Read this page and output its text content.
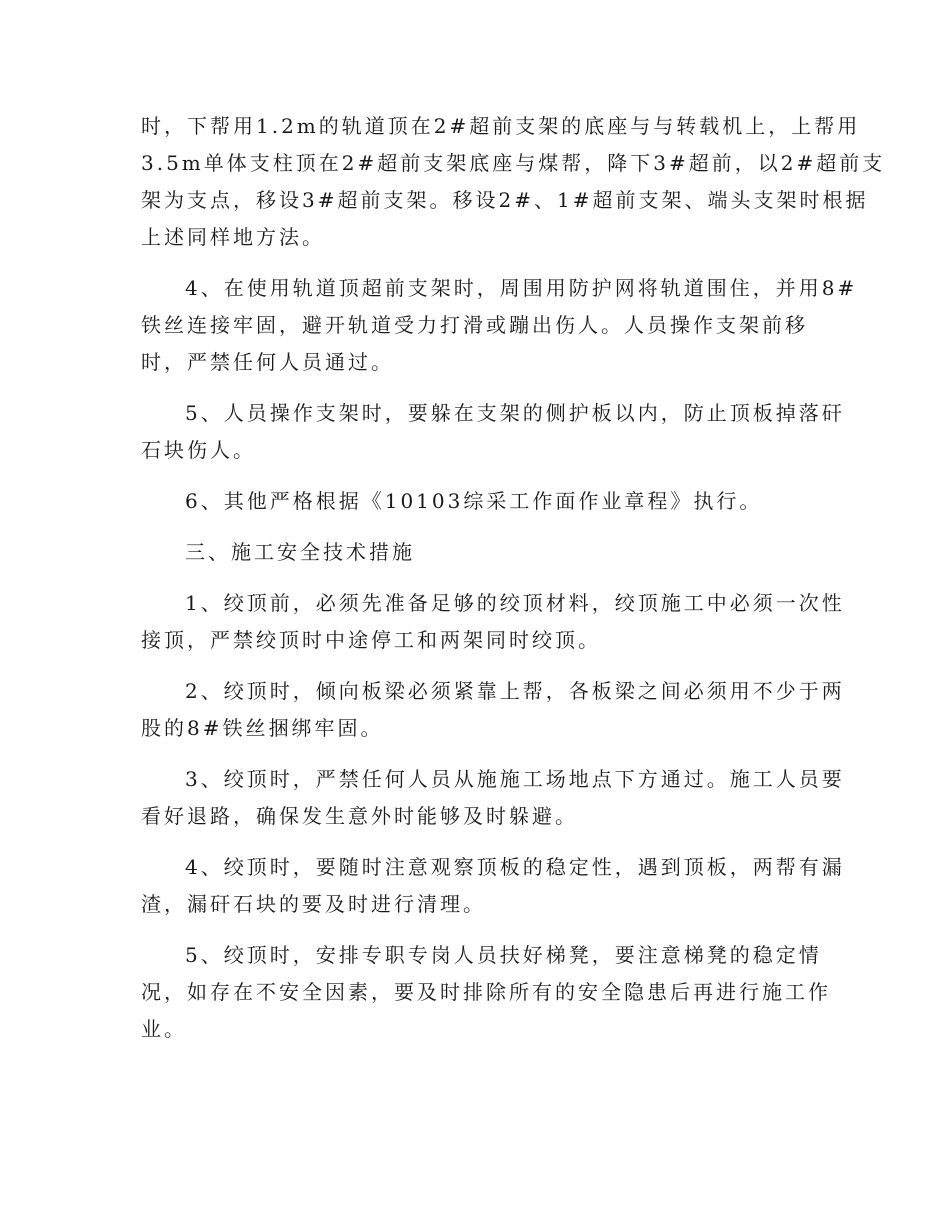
时，下帮用1.2m的轨道顶在2#超前支架的底座与与转载机上，上帮用
3.5m单体支柱顶在2#超前支架底座与煤帮，降下3#超前，以2#超前支
架为支点，移设3#超前支架。移设2#、1#超前支架、端头支架时根据
上述同样地方法。
4、在使用轨道顶超前支架时，周围用防护网将轨道围住，并用8#
铁丝连接牢固，避开轨道受力打滑或蹦出伤人。人员操作支架前移
时，严禁任何人员通过。
5、人员操作支架时，要躲在支架的侧护板以内，防止顶板掉落矸
石块伤人。
6、其他严格根据《10103综采工作面作业章程》执行。
三、施工安全技术措施
1、绞顶前，必须先准备足够的绞顶材料，绞顶施工中必须一次性
接顶，严禁绞顶时中途停工和两架同时绞顶。
2、绞顶时，倾向板梁必须紧靠上帮，各板梁之间必须用不少于两
股的8#铁丝捆绑牢固。
3、绞顶时，严禁任何人员从施施工场地点下方通过。施工人员要
看好退路，确保发生意外时能够及时躲避。
4、绞顶时，要随时注意观察顶板的稳定性，遇到顶板，两帮有漏
渣，漏矸石块的要及时进行清理。
5、绞顶时，安排专职专岗人员扶好梯凳，要注意梯凳的稳定情
况，如存在不安全因素，要及时排除所有的安全隐患后再进行施工作
业。
